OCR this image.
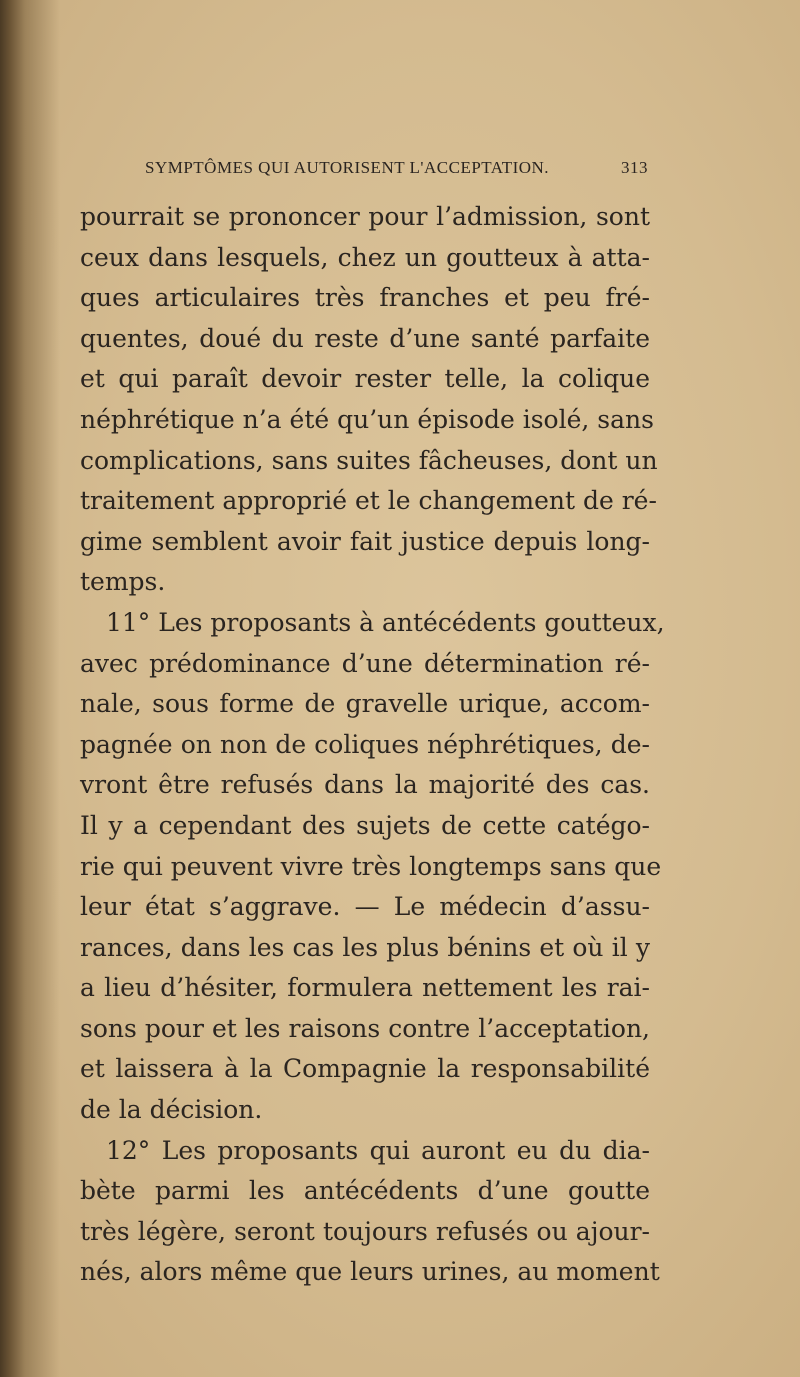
SYMPTÔMES QUI AUTORISENT L'ACCEPTATION.	313
pourrait se prononcer pour l’admission, sont
ceux dans lesquels, chez un goutteux à atta-
ques articulaires très franches et peu fré-
quentes, doué du reste d’une santé parfaite
et qui paraît devoir rester telle, la colique
néphrétique n’a été qu’un épisode isolé, sans
complications, sans suites fâcheuses, dont un
traitement approprié et le changement de ré-
gime semblent avoir fait justice depuis long-
temps.
11° Les proposants à antécédents goutteux,
avec prédominance d’une détermination ré-
nale, sous forme de gravelle urique, accom-
pagnée on non de coliques néphrétiques, de-
vront être refusés dans la majorité des cas.
Il y a cependant des sujets de cette catégo-
rie qui peuvent vivre très longtemps sans que
leur état s’aggrave. — Le médecin d’assu-
rances, dans les cas les plus bénins et où il y
a lieu d’hésiter, formulera nettement les rai-
sons pour et les raisons contre l’acceptation,
et laissera à la Compagnie la responsabilité
de la décision.
12° Les proposants qui auront eu du dia-
bète parmi les antécédents d’une goutte
très légère, seront toujours refusés ou ajour-
nés, alors même que leurs urines, au moment
